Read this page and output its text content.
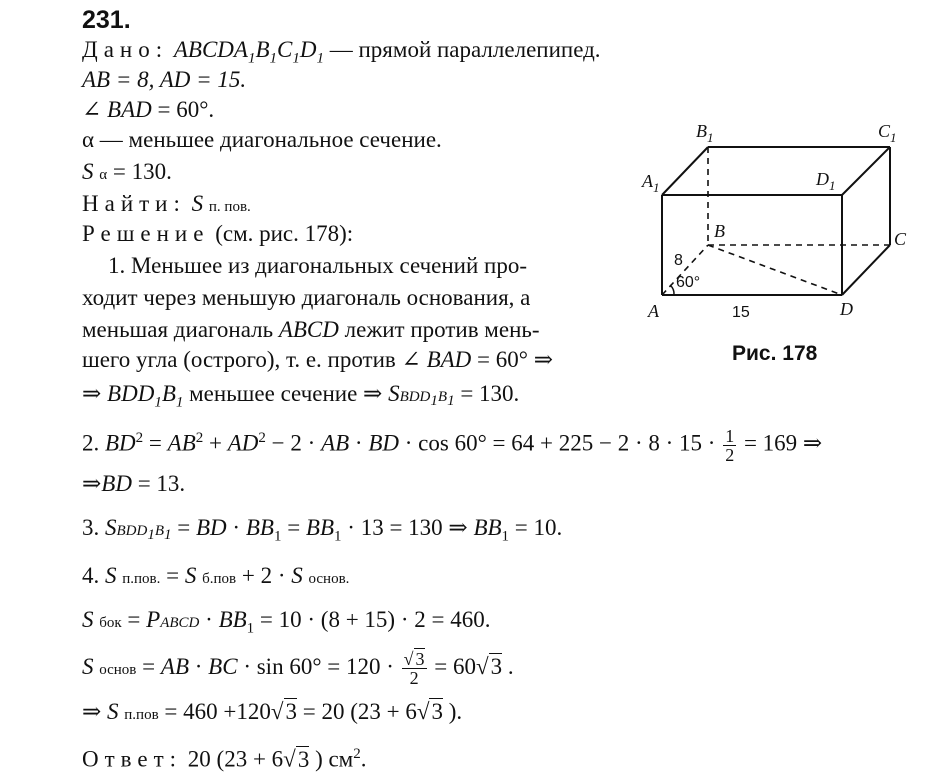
231.
Дано: $ABCDA_1B_1C_1D_1$ — прямой параллелепипед.
AB = 8, AD = 15.
∠ BAD = 60°.
α — меньшее диагональное сечение.
S α = 130.
Найти: S п. пов.
Решение (см. рис. 178):
1. Меньшее из диагональных сечений про-
ходит через меньшую диагональ основания, а
меньшая диагональ ABCD лежит против мень-
шего угла (острого), т. е. против ∠ BAD = 60° ⇒
⇒ $BDD_1B_1$ меньшее сечение ⇒ $SBDD_1B_1 = 130$.
2. $BD^2 = AB^2 + AD^2 - 2$ · AB · BD · $\cos 60^\circ = 64 + 225 - 2 \cdot 8 \cdot 15 \cdot \frac{1}{2} = 169$ ⇒
⇒BD = 13.
3. $SBDD_1B_1$ = BD · $BB_1 = BB_1 \cdot 13 = 130$ ⇒ $BB_1 = 10$.
4. S п.пов. = S б.пов + 2 · S основ.
S бок = PABCD · $BB_1 = 10 \cdot (8 + 15) \cdot 2 = 460$.
S основ = AB · BC · $\sin 60^\circ = 120 \cdot \frac{√ 3}{2} = 60√3$ .
⇒ S п.пов = 460 +120√3 = 20 (23 + 6√3 ).
Ответ: 20 (23 + 6√3 ) $см^2$.
$A_1$
$B_1$	$C_1$
$D_1$
C
B
A	D
8
15
60°
Рис. 178
